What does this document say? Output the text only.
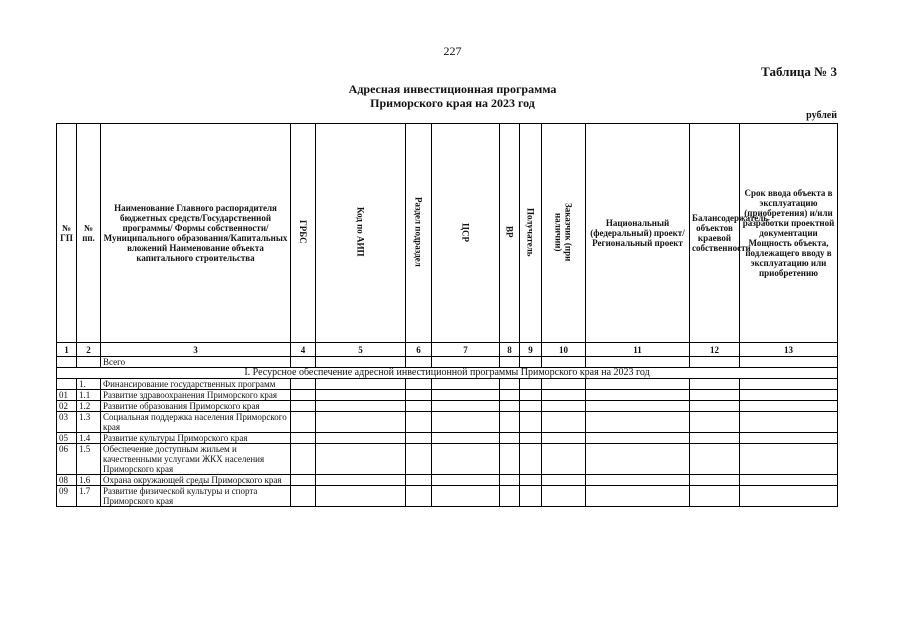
227
Таблица № 3
Адресная инвестиционная программа
Приморского края на 2023 год
рублей
№ ГП	№ пп.	Наименование Главного распорядителя бюджетных средств/Государственной программы/ Формы собственности/Муниципального образования/Капитальных вложений Наименование объекта капитального строительства	ГРБС	Код по АИП	Раздел подраздел	ЦСР	ВР	Получатель	Заказчик (при наличии)	Национальный (федеральный) проект/Региональный проект	Балансодержатель объектов краевой собственности	Срок ввода объекта в эксплуатацию (приобретения) и/или разработки проектной документации Мощность объекта, подлежащего вводу в эксплуатацию или приобретению
1	2	3	4	5	6	7	8	9	10	11	12	13
		Всего										
I. Ресурсное обеспечение адресной инвестиционной программы Приморского края на 2023 год												
	1.	Финансирование государственных программ										
01	1.1	Развитие здравоохранения Приморского края										
02	1.2	Развитие образования Приморского края										
03	1.3	Социальная поддержка населения Приморского края										
05	1.4	Развитие культуры Приморского края										
06	1.5	Обеспечение доступным жильем и качественными услугами ЖКХ населения Приморского края										
08	1.6	Охрана окружающей среды Приморского края										
09	1.7	Развитие физической культуры и спорта Приморского края										
